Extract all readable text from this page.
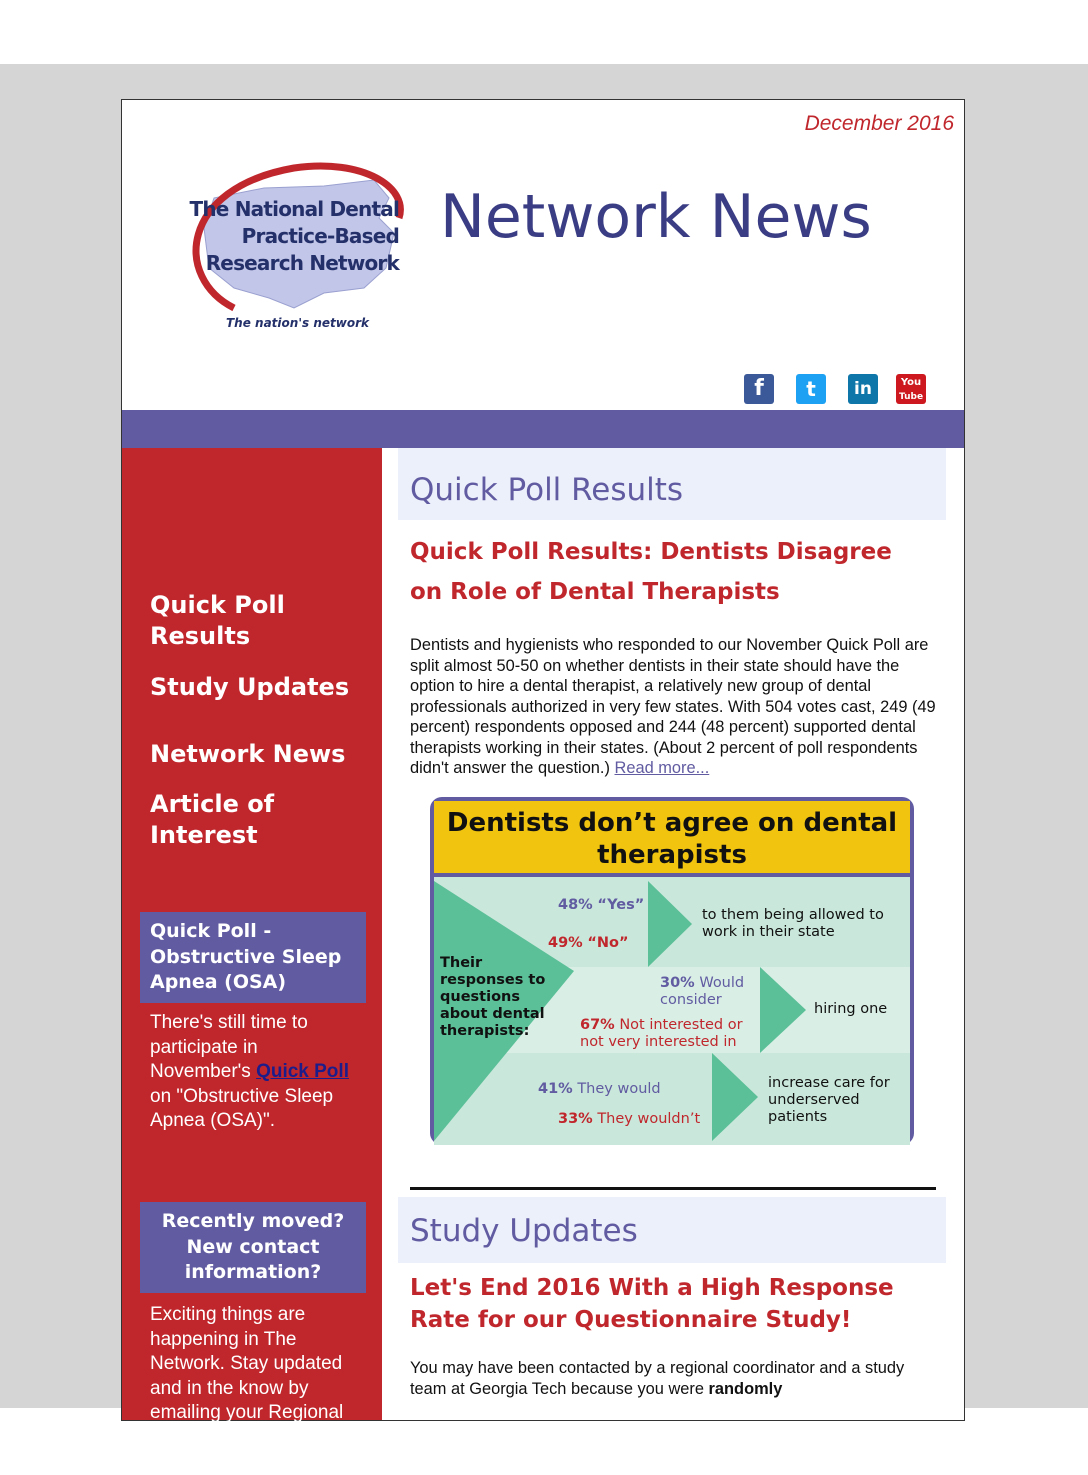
December 2016
The National Dental
Practice-Based
Research Network
The nation's network
Network News
f	t	in	You
Tube
Quick Poll Results
Study Updates
Network News
Article of Interest
Quick Poll - Obstructive Sleep Apnea (OSA)
There's still time to participate in November's Quick Poll on "Obstructive Sleep Apnea (OSA)".
Recently moved? New contact information?
Exciting things are happening in The Network. Stay updated and in the know by emailing your Regional Coordinator your updated information.
Quick Poll Results
Quick Poll Results: Dentists Disagree on Role of Dental Therapists
Dentists and hygienists who responded to our November Quick Poll are split almost 50-50 on whether dentists in their state should have the option to hire a dental therapist, a relatively new group of dental professionals authorized in very few states. With 504 votes cast, 249 (49 percent) respondents opposed and 244 (48 percent) supported dental therapists working in their states. (About 2 percent of poll respondents didn't answer the question.) Read more...
Dentists don’t agree on dental therapists
Their responses to questions about dental therapists:
48% “Yes”
49% “No”
to them being allowed to work in their state
30% Would consider
67% Not interested or not very interested in
hiring one
41% They would
33% They wouldn’t
increase care for underserved patients
Study Updates
Let's End 2016 With a High Response Rate for our Questionnaire Study!
You may have been contacted by a regional coordinator and a study team at Georgia Tech because you were randomly
